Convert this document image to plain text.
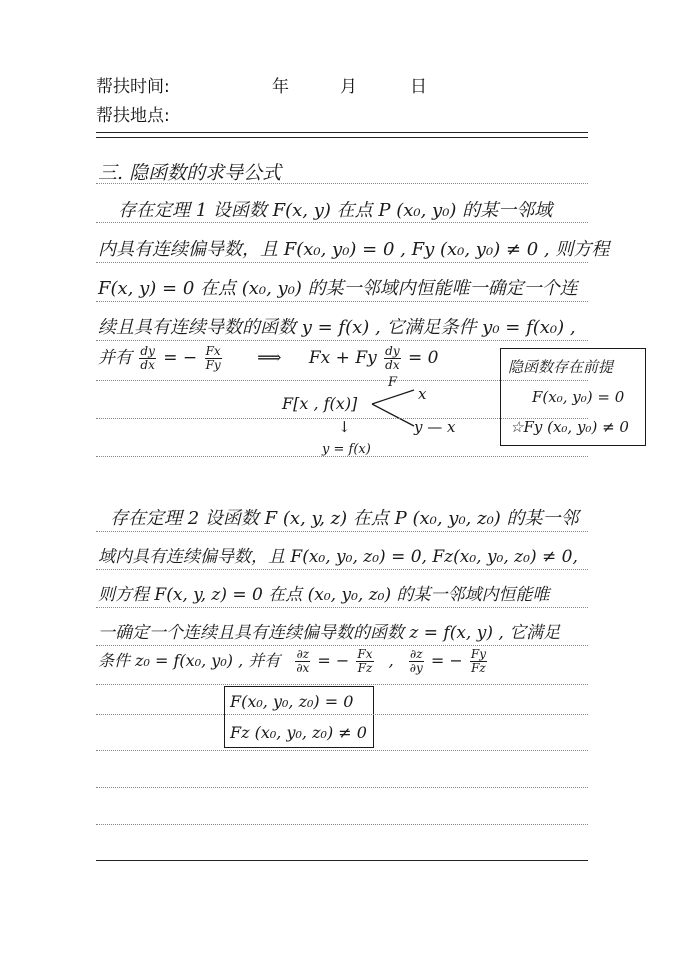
帮扶时间:	年	月	日
帮扶地点:
三. 隐函数的求导公式
存在定理 1 设函数 F(x, y) 在点 P (x₀, y₀) 的某一邻域
内具有连续偏导数，且 F(x₀, y₀) = 0 , Fy (x₀, y₀) ≠ 0 , 则方程
F(x, y) = 0 在点 (x₀, y₀) 的某一邻域内恒能唯一确定一个连
续且具有连续导数的函数 y = f(x) , 它满足条件 y₀ = f(x₀) ,
并有 $\frac{dy}{dx}$ = − $\frac{Fx}{Fy}$ ⟹ Fx + Fy $\frac{dy}{dx} = 0$	隐函数存在前提
F(x₀, y₀) = 0
☆Fy (x₀, y₀) ≠ 0
F[x , f(x)]
F
x
y — x
↓
y = f(x)
存在定理 2 设函数 F (x, y, z) 在点 P (x₀, y₀, z₀) 的某一邻
域内具有连续偏导数，且 F(x₀, y₀, z₀) = 0, Fz(x₀, y₀, z₀) ≠ 0,
则方程 F(x, y, z) = 0 在点 (x₀, y₀, z₀) 的某一邻域内恒能唯
一确定一个连续且具有连续偏导数的函数 z = f(x, y) , 它满足
条件 z₀ = f(x₀, y₀) , 并有 $\frac{\partial z}{\partial x}$ = − $\frac{Fx}{Fz}$ , $\frac{\partial z}{\partial y}$ = − $\frac{Fy}{Fz}$
F(x₀, y₀, z₀) = 0
Fz (x₀, y₀, z₀) ≠ 0
